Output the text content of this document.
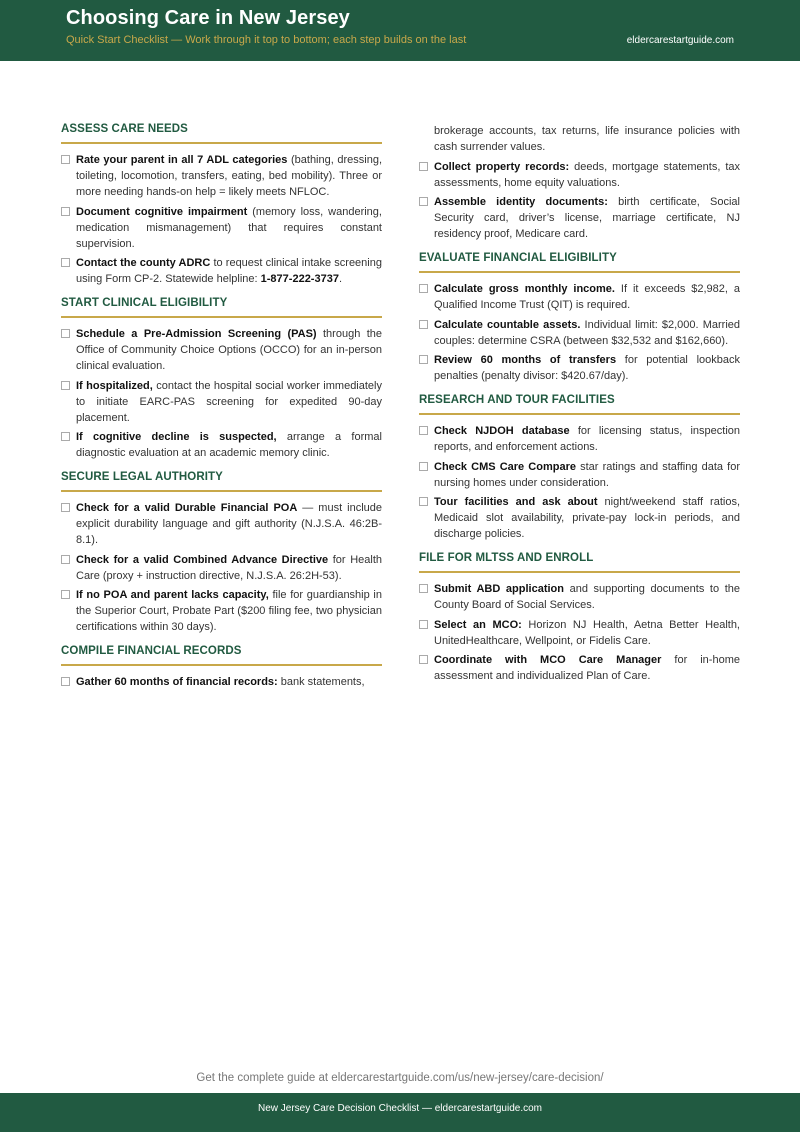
Choosing Care in New Jersey
Quick Start Checklist — Work through it top to bottom; each step builds on the last	eldercarestartguide.com
ASSESS CARE NEEDS
Rate your parent in all 7 ADL categories (bathing, dressing, toileting, locomotion, transfers, eating, bed mobility). Three or more needing hands-on help = likely meets NFLOC.
Document cognitive impairment (memory loss, wandering, medication mismanagement) that requires constant supervision.
Contact the county ADRC to request clinical intake screening using Form CP-2. Statewide helpline: 1-877-222-3737.
START CLINICAL ELIGIBILITY
Schedule a Pre-Admission Screening (PAS) through the Office of Community Choice Options (OCCO) for an in-person clinical evaluation.
If hospitalized, contact the hospital social worker immediately to initiate EARC-PAS screening for expedited 90-day placement.
If cognitive decline is suspected, arrange a formal diagnostic evaluation at an academic memory clinic.
SECURE LEGAL AUTHORITY
Check for a valid Durable Financial POA — must include explicit durability language and gift authority (N.J.S.A. 46:2B-8.1).
Check for a valid Combined Advance Directive for Health Care (proxy + instruction directive, N.J.S.A. 26:2H-53).
If no POA and parent lacks capacity, file for guardianship in the Superior Court, Probate Part ($200 filing fee, two physician certifications within 30 days).
COMPILE FINANCIAL RECORDS
Gather 60 months of financial records: bank statements,
brokerage accounts, tax returns, life insurance policies with cash surrender values.
Collect property records: deeds, mortgage statements, tax assessments, home equity valuations.
Assemble identity documents: birth certificate, Social Security card, driver’s license, marriage certificate, NJ residency proof, Medicare card.
EVALUATE FINANCIAL ELIGIBILITY
Calculate gross monthly income. If it exceeds $2,982, a Qualified Income Trust (QIT) is required.
Calculate countable assets. Individual limit: $2,000. Married couples: determine CSRA (between $32,532 and $162,660).
Review 60 months of transfers for potential lookback penalties (penalty divisor: $420.67/day).
RESEARCH AND TOUR FACILITIES
Check NJDOH database for licensing status, inspection reports, and enforcement actions.
Check CMS Care Compare star ratings and staffing data for nursing homes under consideration.
Tour facilities and ask about night/weekend staff ratios, Medicaid slot availability, private-pay lock-in periods, and discharge policies.
FILE FOR MLTSS AND ENROLL
Submit ABD application and supporting documents to the County Board of Social Services.
Select an MCO: Horizon NJ Health, Aetna Better Health, UnitedHealthcare, Wellpoint, or Fidelis Care.
Coordinate with MCO Care Manager for in-home assessment and individualized Plan of Care.
Get the complete guide at eldercarestartguide.com/us/new-jersey/care-decision/
New Jersey Care Decision Checklist — eldercarestartguide.com
